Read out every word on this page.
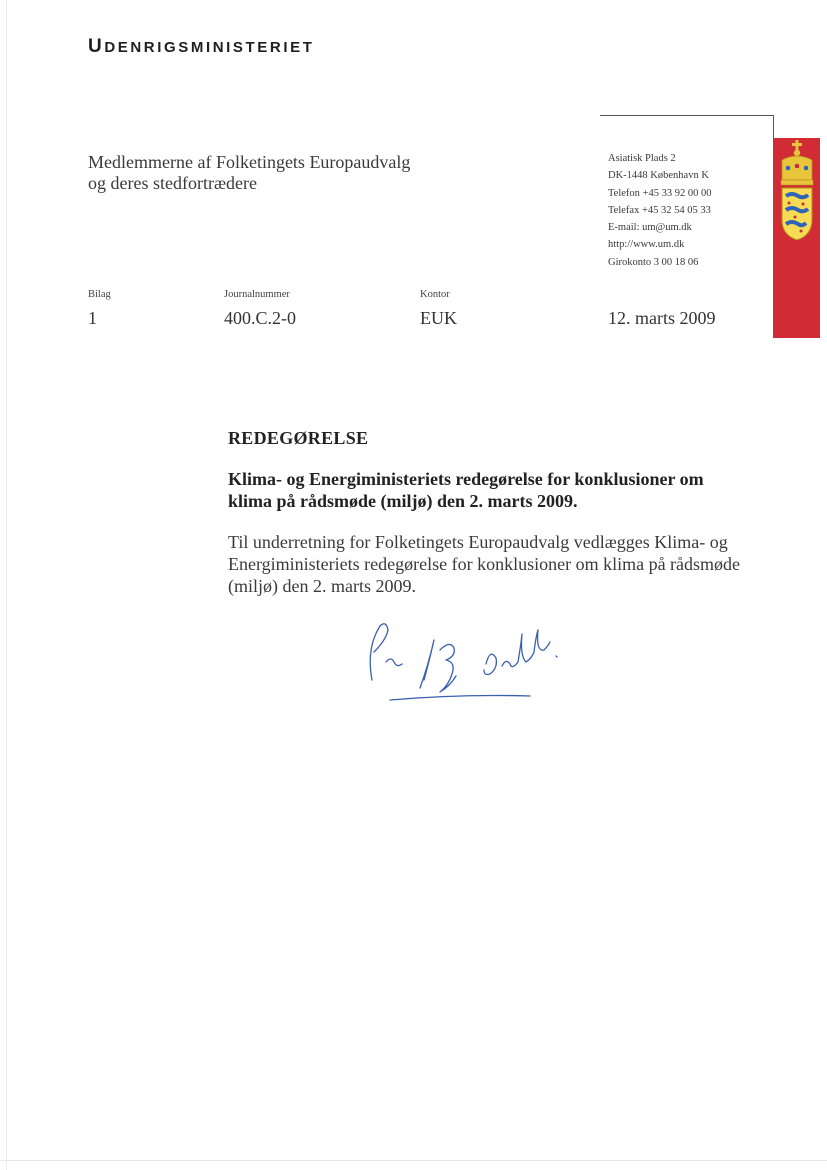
UDENRIGSMINISTERIET
Medlemmerne af Folketingets Europaudvalg
og deres stedfortrædere
Asiatisk Plads 2
DK-1448 København K
Telefon +45 33 92 00 00
Telefax +45 32 54 05 33
E-mail: um@um.dk
http://www.um.dk
Girokonto 3 00 18 06
Bilag
1
Journalnummer
400.C.2-0
Kontor
EUK	12. marts 2009
REDEGØRELSE
Klima- og Energiministeriets redegørelse for konklusioner om klima på rådsmøde (miljø) den 2. marts 2009.
Til underretning for Folketingets Europaudvalg vedlægges Klima- og Energiministeriets redegørelse for konklusioner om klima på rådsmøde (miljø) den 2. marts 2009.
